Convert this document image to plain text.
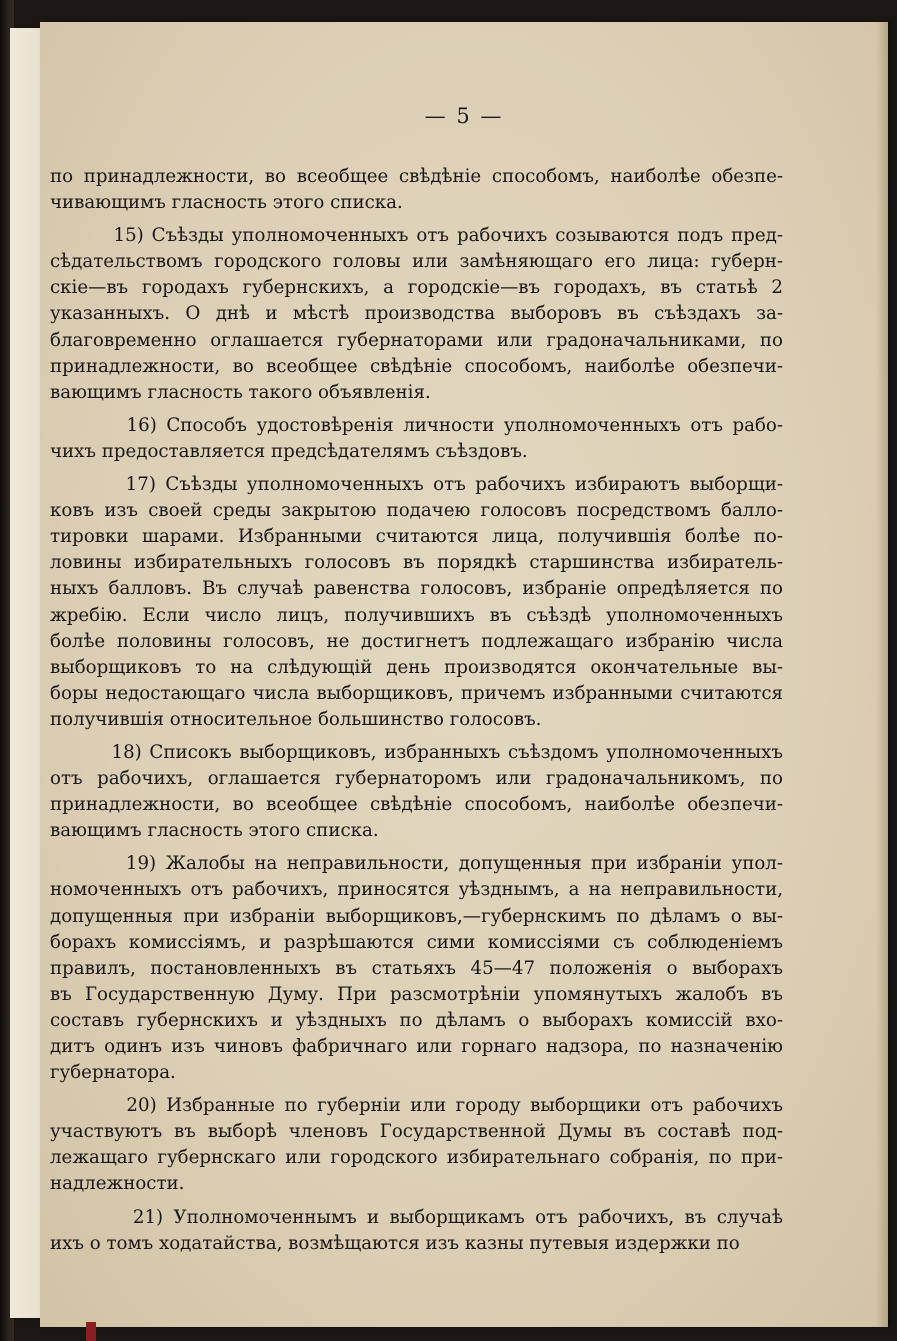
— 5 —
по принадлежности, во всеобщее свѣдѣніе способомъ, наиболѣе обезпе-
чивающимъ гласность этого списка.
15) Съѣзды уполномоченныхъ отъ рабочихъ созываются подъ пред-
сѣдательствомъ городского головы или замѣняющаго его лица: губерн-
скіе—въ городахъ губернскихъ, а городскіе—въ городахъ, въ статьѣ 2
указанныхъ. О днѣ и мѣстѣ производства выборовъ въ съѣздахъ за-
благовременно оглашается губернаторами или градоначальниками, по
принадлежности, во всеобщее свѣдѣніе способомъ, наиболѣе обезпечи-
вающимъ гласность такого объявленія.
16) Способъ удостовѣренія личности уполномоченныхъ отъ рабо-
чихъ предоставляется предсѣдателямъ съѣздовъ.
17) Съѣзды уполномоченныхъ отъ рабочихъ избираютъ выборщи-
ковъ изъ своей среды закрытою подачею голосовъ посредствомъ балло-
тировки шарами. Избранными считаются лица, получившія болѣе по-
ловины избирательныхъ голосовъ въ порядкѣ старшинства избиратель-
ныхъ балловъ. Въ случаѣ равенства голосовъ, избраніе опредѣляется по
жребію. Если число лицъ, получившихъ въ съѣздѣ уполномоченныхъ
болѣе половины голосовъ, не достигнетъ подлежащаго избранію числа
выборщиковъ то на слѣдующій день производятся окончательные вы-
боры недостающаго числа выборщиковъ, причемъ избранными считаются
получившія относительное большинство голосовъ.
18) Списокъ выборщиковъ, избранныхъ съѣздомъ уполномоченныхъ
отъ рабочихъ, оглашается губернаторомъ или градоначальникомъ, по
принадлежности, во всеобщее свѣдѣніе способомъ, наиболѣе обезпечи-
вающимъ гласность этого списка.
19) Жалобы на неправильности, допущенныя при избраніи упол-
номоченныхъ отъ рабочихъ, приносятся уѣзднымъ, а на неправильности,
допущенныя при избраніи выборщиковъ,—губернскимъ по дѣламъ о вы-
борахъ комиссіямъ, и разрѣшаются сими комиссіями съ соблюденіемъ
правилъ, постановленныхъ въ статьяхъ 45—47 положенія о выборахъ
въ Государственную Думу. При разсмотрѣніи упомянутыхъ жалобъ въ
составъ губернскихъ и уѣздныхъ по дѣламъ о выборахъ комиссій вхо-
дитъ одинъ изъ чиновъ фабричнаго или горнаго надзора, по назначенію
губернатора.
20) Избранные по губерніи или городу выборщики отъ рабочихъ
участвуютъ въ выборѣ членовъ Государственной Думы въ составѣ под-
лежащаго губернскаго или городского избирательнаго собранія, по при-
надлежности.
21) Уполномоченнымъ и выборщикамъ отъ рабочихъ, въ случаѣ
ихъ о томъ ходатайства, возмѣщаются изъ казны путевыя издержки по
